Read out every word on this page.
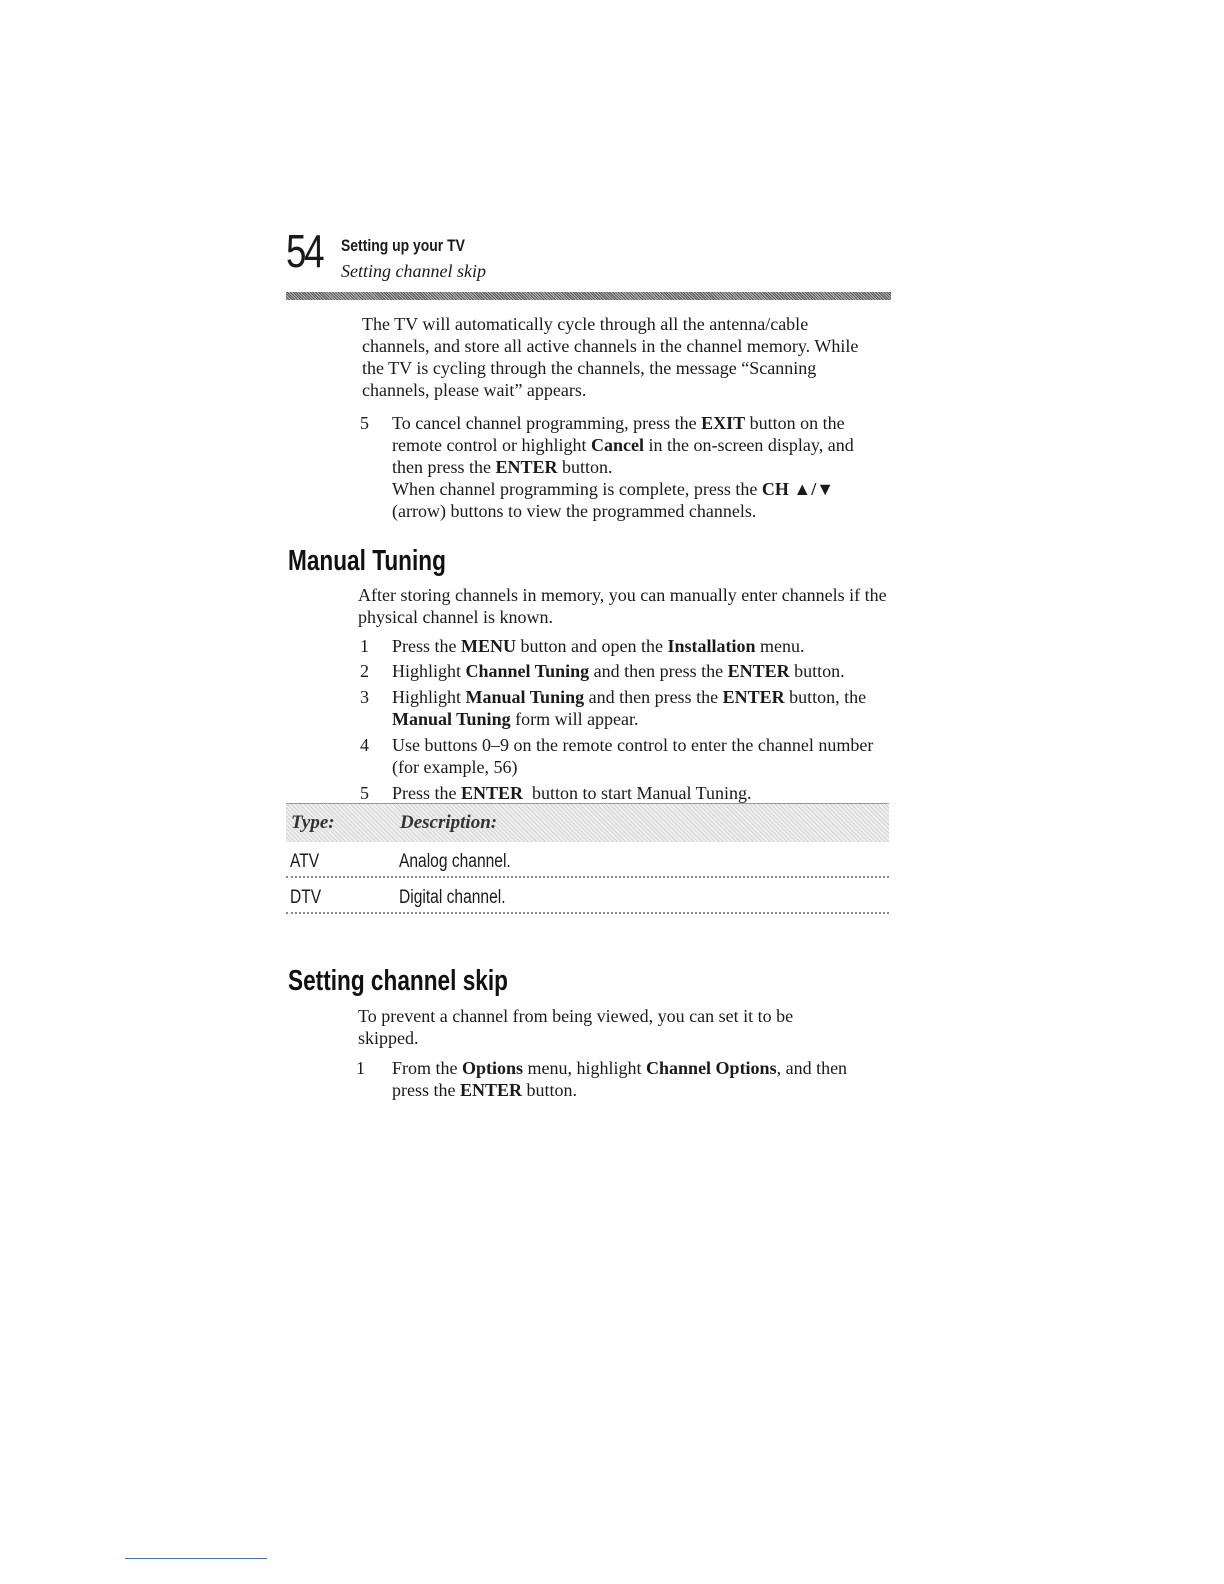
54 Setting up your TV
Setting channel skip

The TV will automatically cycle through all the antenna/cable channels, and store all active channels in the channel memory. While the TV is cycling through the channels, the message “Scanning channels, please wait” appears.

5	To cancel channel programming, press the EXIT button on the remote control or highlight Cancel in the on-screen display, and then press the ENTER button.
When channel programming is complete, press the CH ▲/▼ (arrow) buttons to view the programmed channels.
Manual Tuning

After storing channels in memory, you can manually enter channels if the physical channel is known.

1	Press the MENU button and open the Installation menu.
2	Highlight Channel Tuning and then press the ENTER button.
3	Highlight Manual Tuning and then press the ENTER button, the Manual Tuning form will appear.
4	Use buttons 0–9 on the remote control to enter the channel number (for example, 56)
5	Press the ENTER  button to start Manual Tuning.
Type:	Description:
ATV	Analog channel.
DTV	Digital channel.
Setting channel skip

To prevent a channel from being viewed, you can set it to be skipped.

1	From the Options menu, highlight Channel Options, and then press the ENTER button.
